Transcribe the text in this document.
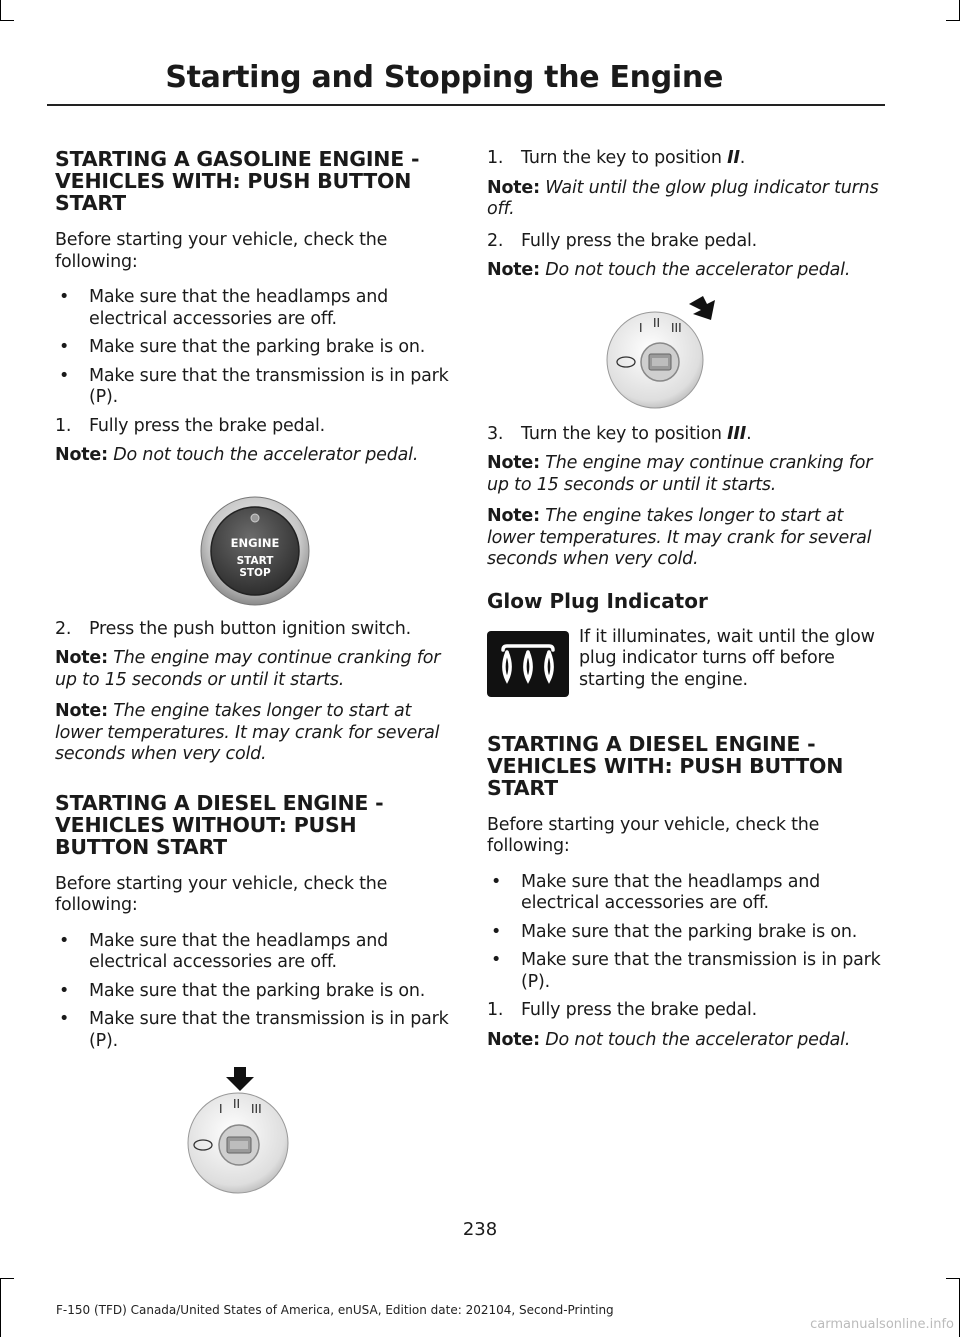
Starting and Stopping the Engine
STARTING A GASOLINE ENGINE - VEHICLES WITH: PUSH BUTTON START
Before starting your vehicle, check the following:
•	Make sure that the headlamps and electrical accessories are off.
•	Make sure that the parking brake is on.
•	Make sure that the transmission is in park (P).
1.	Fully press the brake pedal.
Note: Do not touch the accelerator pedal.
ENGINE
START
STOP
2.	Press the push button ignition switch.
Note: The engine may continue cranking for up to 15 seconds or until it starts.
Note: The engine takes longer to start at lower temperatures. It may crank for several seconds when very cold.
STARTING A DIESEL ENGINE - VEHICLES WITHOUT: PUSH BUTTON START
Before starting your vehicle, check the following:
•	Make sure that the headlamps and electrical accessories are off.
•	Make sure that the parking brake is on.
•	Make sure that the transmission is in park (P).
I II III
1.	Turn the key to position II.
Note: Wait until the glow plug indicator turns off.
2.	Fully press the brake pedal.
Note: Do not touch the accelerator pedal.
I II III
3.	Turn the key to position III.
Note: The engine may continue cranking for up to 15 seconds or until it starts.
Note: The engine takes longer to start at lower temperatures. It may crank for several seconds when very cold.
Glow Plug Indicator
If it illuminates, wait until the glow plug indicator turns off before starting the engine.
STARTING A DIESEL ENGINE - VEHICLES WITH: PUSH BUTTON START
Before starting your vehicle, check the following:
•	Make sure that the headlamps and electrical accessories are off.
•	Make sure that the parking brake is on.
•	Make sure that the transmission is in park (P).
1.	Fully press the brake pedal.
Note: Do not touch the accelerator pedal.
238
F-150 (TFD) Canada/United States of America, enUSA, Edition date: 202104, Second-Printing
carmanualsonline.info
